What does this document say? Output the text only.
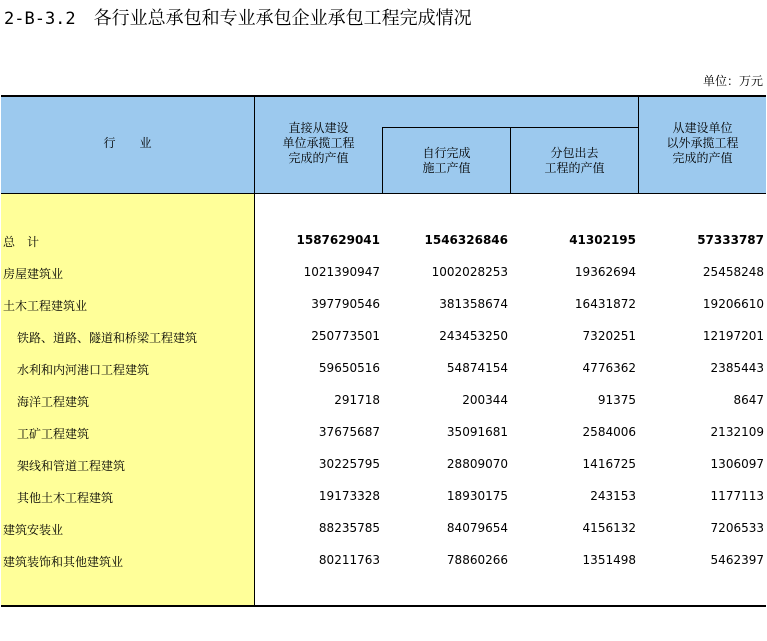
2-B-3.2 各行业总承包和专业承包企业承包工程完成情况
单位：万元
行　　业
直接从建设
单位承揽工程
完成的产值	自行完成
施工产值
分包出去
工程的产值
从建设单位
以外承揽工程
完成的产值
总　计	1587629041	1546326846	41302195	57333787
房屋建筑业	1021390947	1002028253	19362694	25458248
土木工程建筑业	397790546	381358674	16431872	19206610
铁路、道路、隧道和桥梁工程建筑	250773501	243453250	7320251	12197201
水利和内河港口工程建筑	59650516	54874154	4776362	2385443
海洋工程建筑	291718	200344	91375	8647
工矿工程建筑	37675687	35091681	2584006	2132109
架线和管道工程建筑	30225795	28809070	1416725	1306097
其他土木工程建筑	19173328	18930175	243153	1177113
建筑安装业	88235785	84079654	4156132	7206533
建筑装饰和其他建筑业	80211763	78860266	1351498	5462397
